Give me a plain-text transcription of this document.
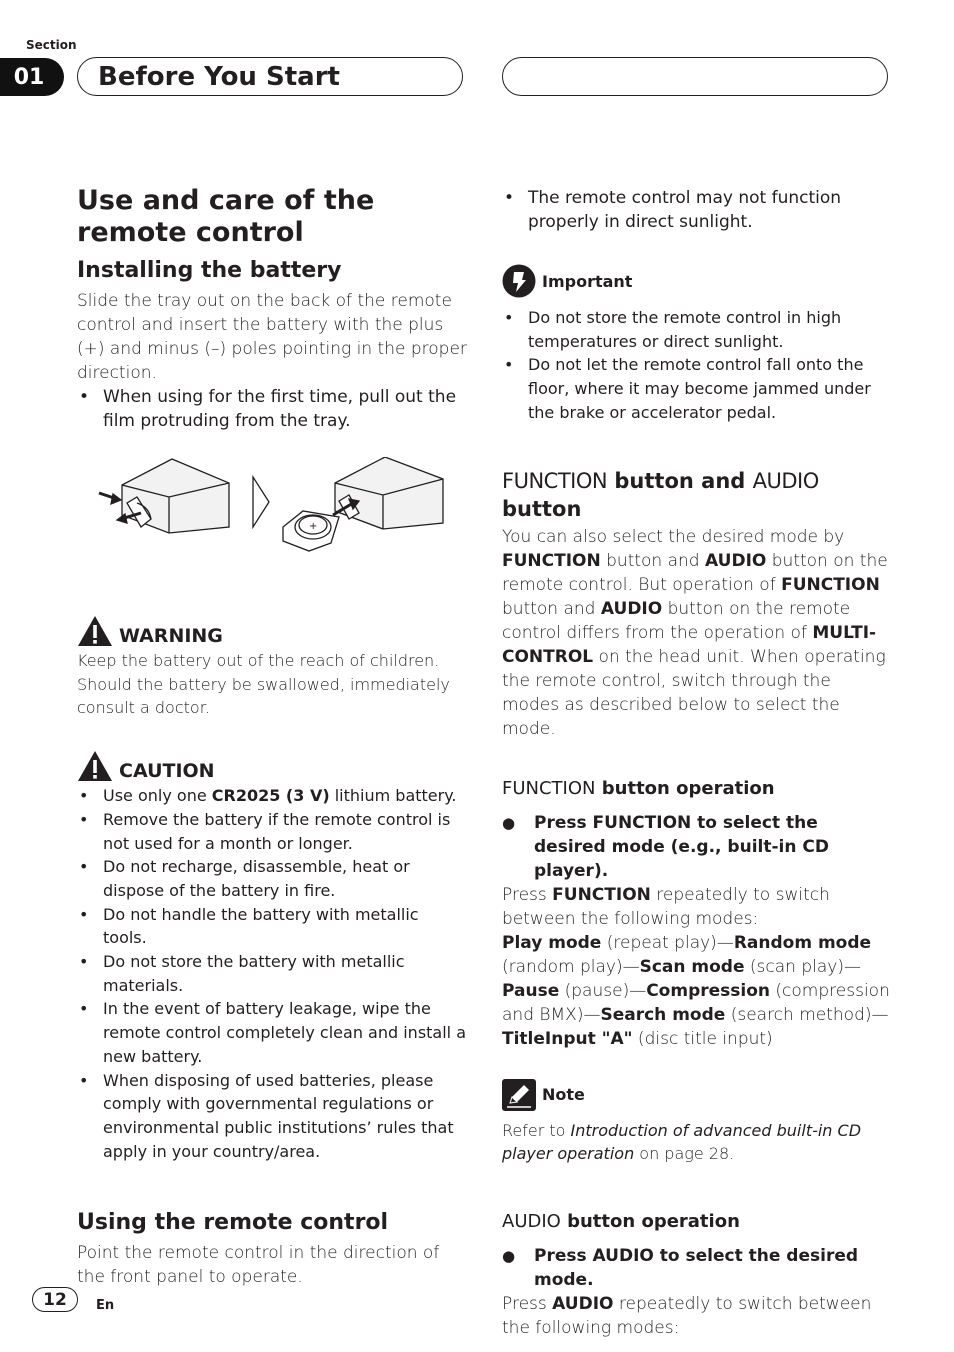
Section
01	Before You Start
Use and care of the remote control
Installing the battery

Slide the tray out on the back of the remote control and insert the battery with the plus (+) and minus (–) poles pointing in the proper direction.

• When using for the first time, pull out the film protruding from the tray.
+
WARNING

Keep the battery out of the reach of children. Should the battery be swallowed, immediately consult a doctor.

CAUTION
• Use only one CR2025 (3 V) lithium battery.
• Remove the battery if the remote control is not used for a month or longer.
• Do not recharge, disassemble, heat or dispose of the battery in fire.
• Do not handle the battery with metallic tools.
• Do not store the battery with metallic materials.
• In the event of battery leakage, wipe the remote control completely clean and install a new battery.
• When disposing of used batteries, please comply with governmental regulations or environmental public institutions’ rules that apply in your country/area.
Using the remote control

Point the remote control in the direction of the front panel to operate.

• The remote control may not function properly in direct sunlight.
Important
• Do not store the remote control in high temperatures or direct sunlight.
• Do not let the remote control fall onto the floor, where it may become jammed under the brake or accelerator pedal.
FUNCTION button and AUDIO button

You can also select the desired mode by FUNCTION button and AUDIO button on the remote control. But operation of FUNCTION button and AUDIO button on the remote control differs from the operation of MULTI-CONTROL on the head unit. When operating the remote control, switch through the modes as described below to select the mode.

FUNCTION button operation
● Press FUNCTION to select the desired mode (e.g., built-in CD player).

Press FUNCTION repeatedly to switch between the following modes:

Play mode (repeat play)—Random mode (random play)—Scan mode (scan play)—Pause (pause)—Compression (compression and BMX)—Search mode (search method)—TitleInput "A" (disc title input)

Note

Refer to Introduction of advanced built-in CD player operation on page 28.

AUDIO button operation
● Press AUDIO to select the desired mode.

Press AUDIO repeatedly to switch between the following modes:

12	En
